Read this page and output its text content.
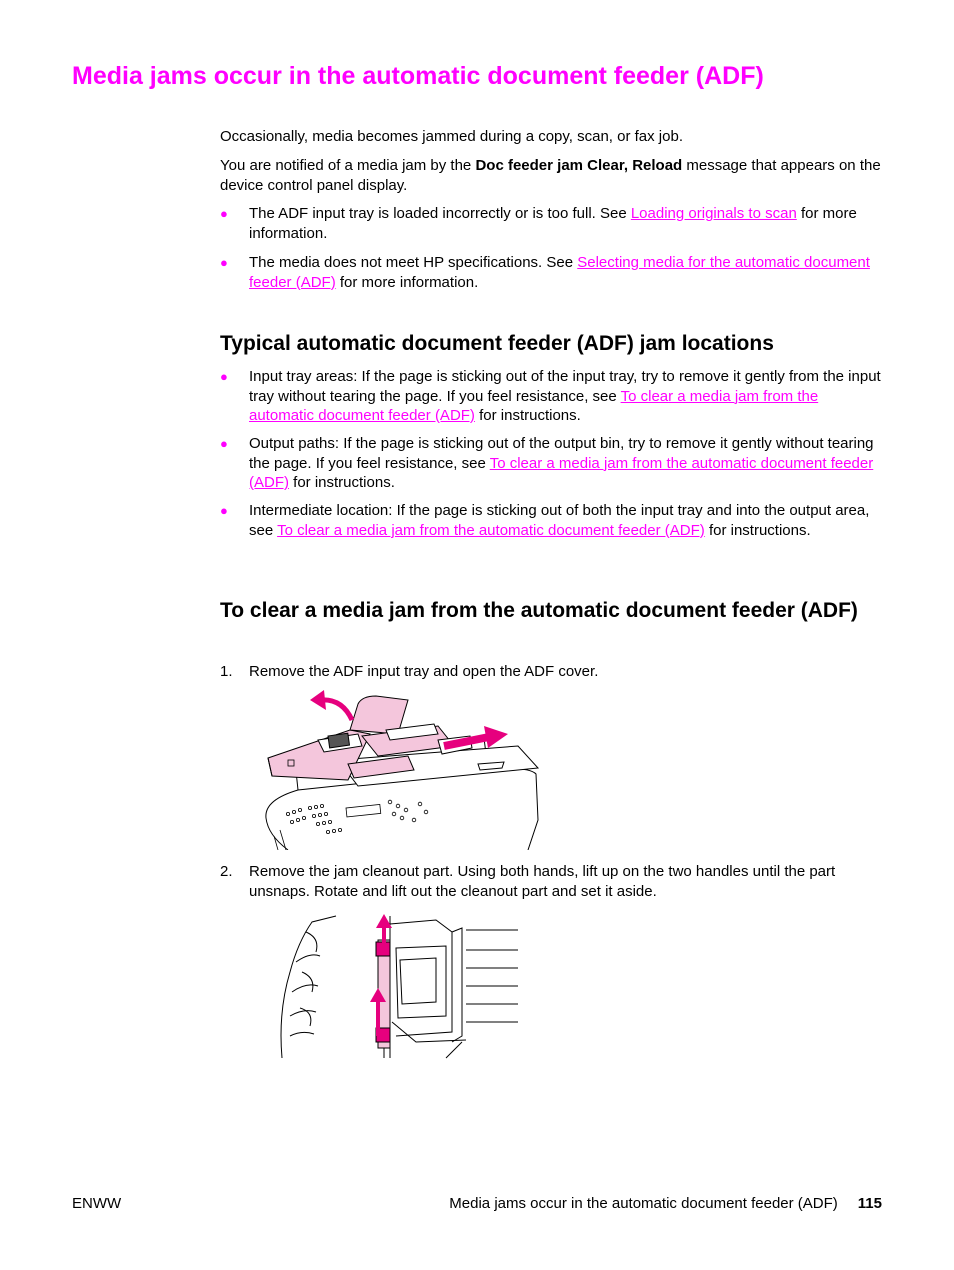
Media jams occur in the automatic document feeder (ADF)

Occasionally, media becomes jammed during a copy, scan, or fax job.

You are notified of a media jam by the Doc feeder jam Clear, Reload message that appears on the device control panel display.

● The ADF input tray is loaded incorrectly or is too full. See Loading originals to scan for more information.
● The media does not meet HP specifications. See Selecting media for the automatic document feeder (ADF) for more information.
Typical automatic document feeder (ADF) jam locations
● Input tray areas: If the page is sticking out of the input tray, try to remove it gently from the input tray without tearing the page. If you feel resistance, see To clear a media jam from the automatic document feeder (ADF) for instructions.
● Output paths: If the page is sticking out of the output bin, try to remove it gently without tearing the page. If you feel resistance, see To clear a media jam from the automatic document feeder (ADF) for instructions.
● Intermediate location: If the page is sticking out of both the input tray and into the output area, see To clear a media jam from the automatic document feeder (ADF) for instructions.
To clear a media jam from the automatic document feeder (ADF)
1. Remove the ADF input tray and open the ADF cover.
2. Remove the jam cleanout part. Using both hands, lift up on the two handles until the part unsnaps. Rotate and lift out the cleanout part and set it aside.
ENWW	Media jams occur in the automatic document feeder (ADF) 115
